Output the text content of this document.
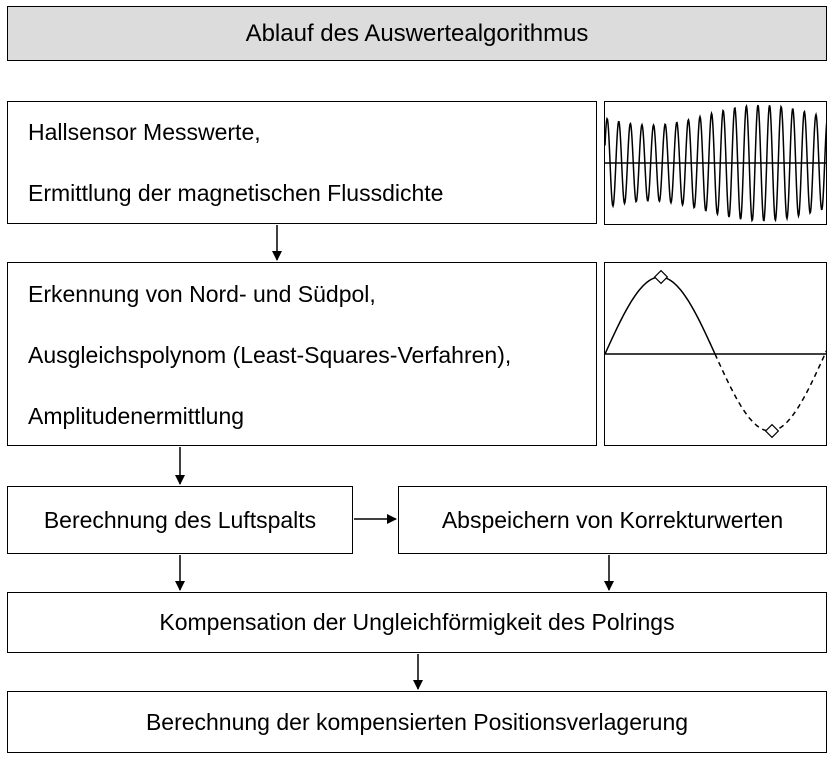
Ablauf des Auswertealgorithmus
Hallsensor Messwerte,
Ermittlung der magnetischen Flussdichte
Erkennung von Nord- und Südpol,
Ausgleichspolynom (Least-Squares-Verfahren),
Amplitudenermittlung
Berechnung des Luftspalts	Abspeichern von Korrekturwerten
Kompensation der Ungleichförmigkeit des Polrings
Berechnung der kompensierten Positionsverlagerung
